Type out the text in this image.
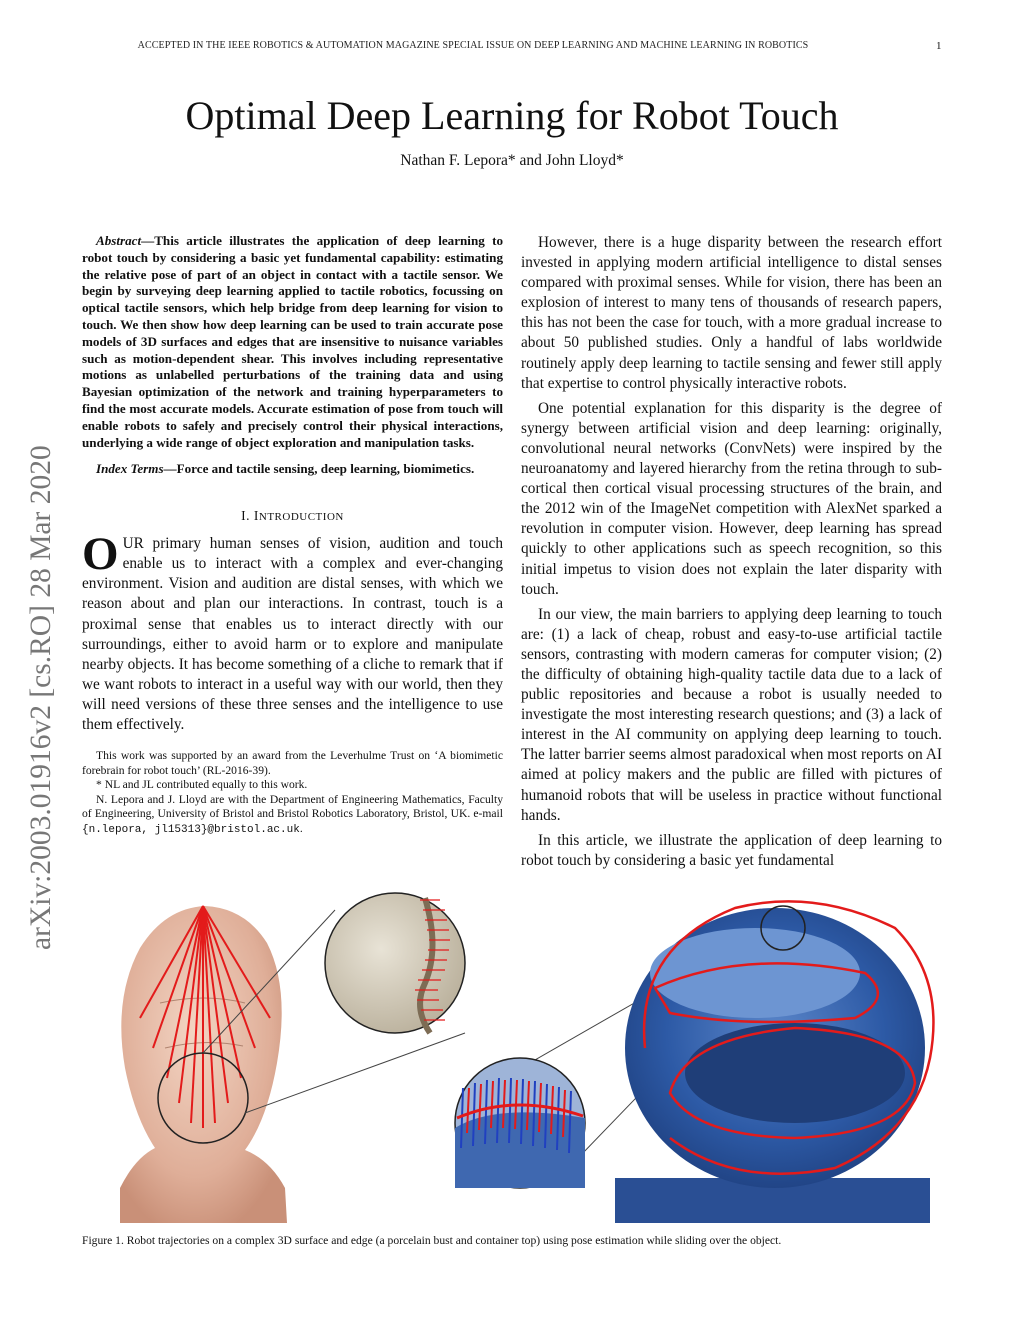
ACCEPTED IN THE IEEE ROBOTICS & AUTOMATION MAGAZINE SPECIAL ISSUE ON DEEP LEARNING AND MACHINE LEARNING IN ROBOTICS	1
Optimal Deep Learning for Robot Touch
Nathan F. Lepora* and John Lloyd*
arXiv:2003.01916v2 [cs.RO] 28 Mar 2020

Abstract—This article illustrates the application of deep learning to robot touch by considering a basic yet fundamental capability: estimating the relative pose of part of an object in contact with a tactile sensor. We begin by surveying deep learning applied to tactile robotics, focussing on optical tactile sensors, which help bridge from deep learning for vision to touch. We then show how deep learning can be used to train accurate pose models of 3D surfaces and edges that are insensitive to nuisance variables such as motion-dependent shear. This involves including representative motions as unlabelled perturbations of the training data and using Bayesian optimization of the network and training hyperparameters to find the most accurate models. Accurate estimation of pose from touch will enable robots to safely and precisely control their physical interactions, underlying a wide range of object exploration and manipulation tasks.

Index Terms—Force and tactile sensing, deep learning, biomimetics.

I. INTRODUCTION

OUR primary human senses of vision, audition and touch enable us to interact with a complex and ever-changing environment. Vision and audition are distal senses, with which we reason about and plan our interactions. In contrast, touch is a proximal sense that enables us to interact directly with our surroundings, either to avoid harm or to explore and manipulate nearby objects. It has become something of a cliche to remark that if we want robots to interact in a useful way with our world, then they will need versions of these three senses and the intelligence to use them effectively.

This work was supported by an award from the Leverhulme Trust on ‘A biomimetic forebrain for robot touch’ (RL-2016-39).

* NL and JL contributed equally to this work.

N. Lepora and J. Lloyd are with the Department of Engineering Mathematics, Faculty of Engineering, University of Bristol and Bristol Robotics Laboratory, Bristol, UK. e-mail {n.lepora, jl15313}@bristol.ac.uk.

However, there is a huge disparity between the research effort invested in applying modern artificial intelligence to distal senses compared with proximal senses. While for vision, there has been an explosion of interest to many tens of thousands of research papers, this has not been the case for touch, with a more gradual increase to about 50 published studies. Only a handful of labs worldwide routinely apply deep learning to tactile sensing and fewer still apply that expertise to control physically interactive robots.

One potential explanation for this disparity is the degree of synergy between artificial vision and deep learning: originally, convolutional neural networks (ConvNets) were inspired by the neuroanatomy and layered hierarchy from the retina through to sub-cortical then cortical visual processing structures of the brain, and the 2012 win of the ImageNet competition with AlexNet sparked a revolution in computer vision. However, deep learning has spread quickly to other applications such as speech recognition, so this initial impetus to vision does not explain the later disparity with touch.

In our view, the main barriers to applying deep learning to touch are: (1) a lack of cheap, robust and easy-to-use artificial tactile sensors, contrasting with modern cameras for computer vision; (2) the difficulty of obtaining high-quality tactile data due to a lack of public repositories and because a robot is usually needed to investigate the most interesting research questions; and (3) a lack of interest in the AI community on applying deep learning to touch. The latter barrier seems almost paradoxical when most reports on AI aimed at policy makers and the public are filled with pictures of humanoid robots that will be useless in practice without functional hands.

In this article, we illustrate the application of deep learning to robot touch by considering a basic yet fundamental

Figure 1. Robot trajectories on a complex 3D surface and edge (a porcelain bust and container top) using pose estimation while sliding over the object.
